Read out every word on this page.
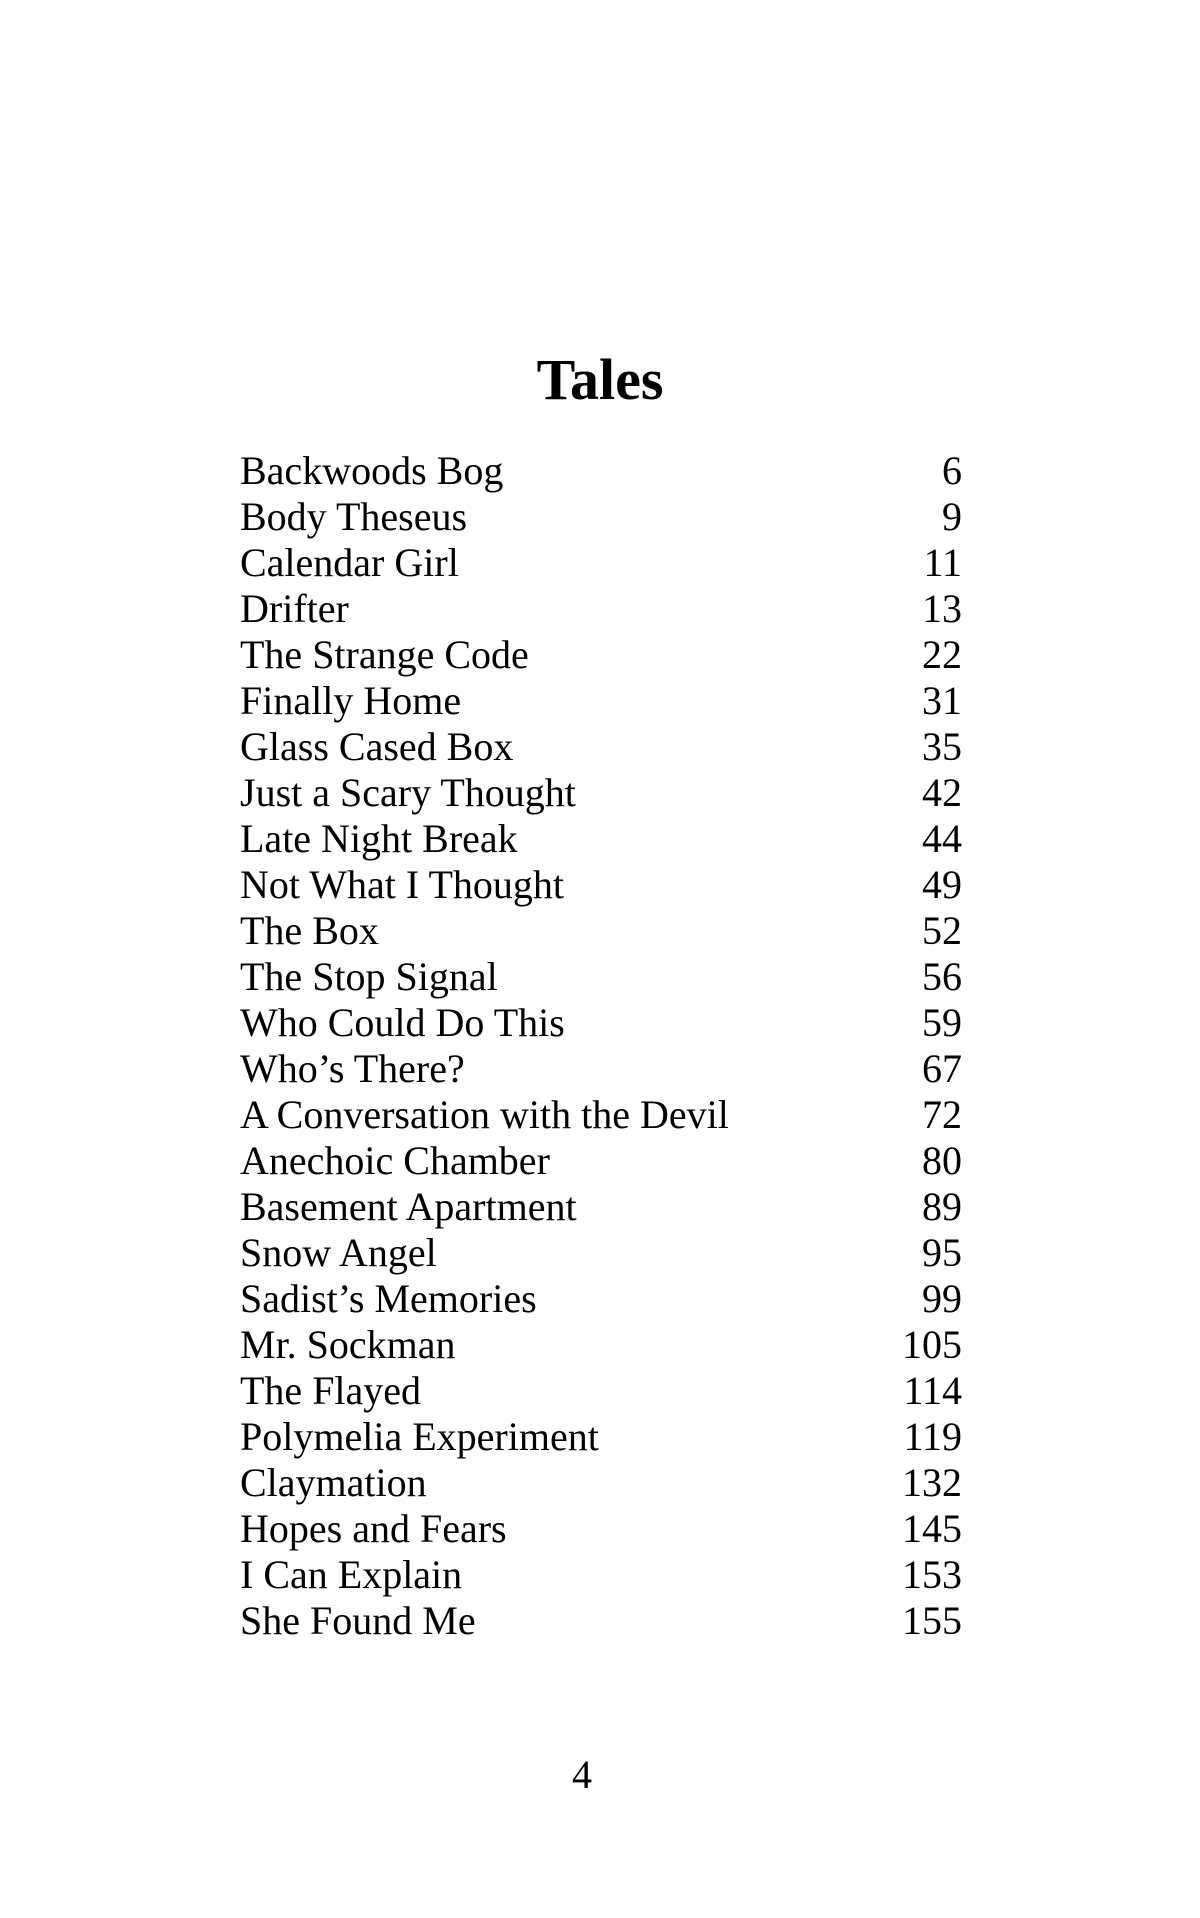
Tales
Backwoods Bog	6
Body Theseus	9
Calendar Girl	11
Drifter	13
The Strange Code	22
Finally Home	31
Glass Cased Box	35
Just a Scary Thought	42
Late Night Break	44
Not What I Thought	49
The Box	52
The Stop Signal	56
Who Could Do This	59
Who’s There?	67
A Conversation with the Devil	72
Anechoic Chamber	80
Basement Apartment	89
Snow Angel	95
Sadist’s Memories	99
Mr. Sockman	105
The Flayed	114
Polymelia Experiment	119
Claymation	132
Hopes and Fears	145
I Can Explain	153
She Found Me	155
4
